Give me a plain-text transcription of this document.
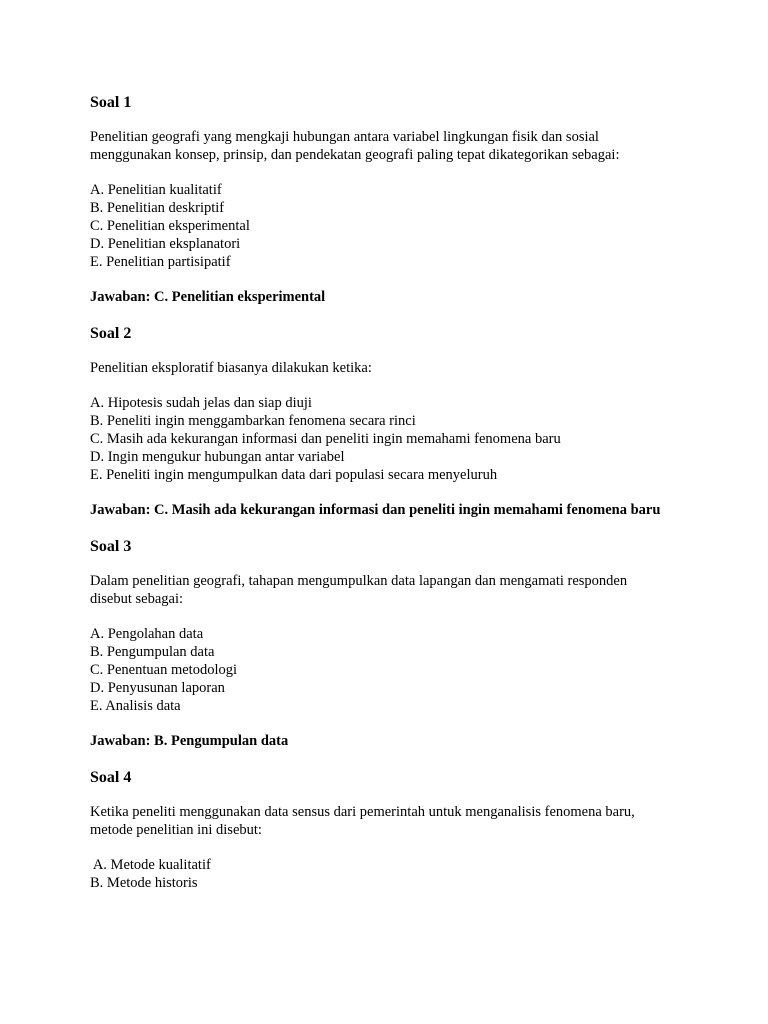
Soal 1

Penelitian geografi yang mengkaji hubungan antara variabel lingkungan fisik dan sosial
menggunakan konsep, prinsip, dan pendekatan geografi paling tepat dikategorikan sebagai:

A. Penelitian kualitatif
B. Penelitian deskriptif
C. Penelitian eksperimental
D. Penelitian eksplanatori
E. Penelitian partisipatif

Jawaban: C. Penelitian eksperimental

Soal 2

Penelitian eksploratif biasanya dilakukan ketika:

A. Hipotesis sudah jelas dan siap diuji
B. Peneliti ingin menggambarkan fenomena secara rinci
C. Masih ada kekurangan informasi dan peneliti ingin memahami fenomena baru
D. Ingin mengukur hubungan antar variabel
E. Peneliti ingin mengumpulkan data dari populasi secara menyeluruh

Jawaban: C. Masih ada kekurangan informasi dan peneliti ingin memahami fenomena baru

Soal 3

Dalam penelitian geografi, tahapan mengumpulkan data lapangan dan mengamati responden
disebut sebagai:

A. Pengolahan data
B. Pengumpulan data
C. Penentuan metodologi
D. Penyusunan laporan
E. Analisis data

Jawaban: B. Pengumpulan data

Soal 4

Ketika peneliti menggunakan data sensus dari pemerintah untuk menganalisis fenomena baru,
metode penelitian ini disebut:

A. Metode kualitatif
B. Metode historis
